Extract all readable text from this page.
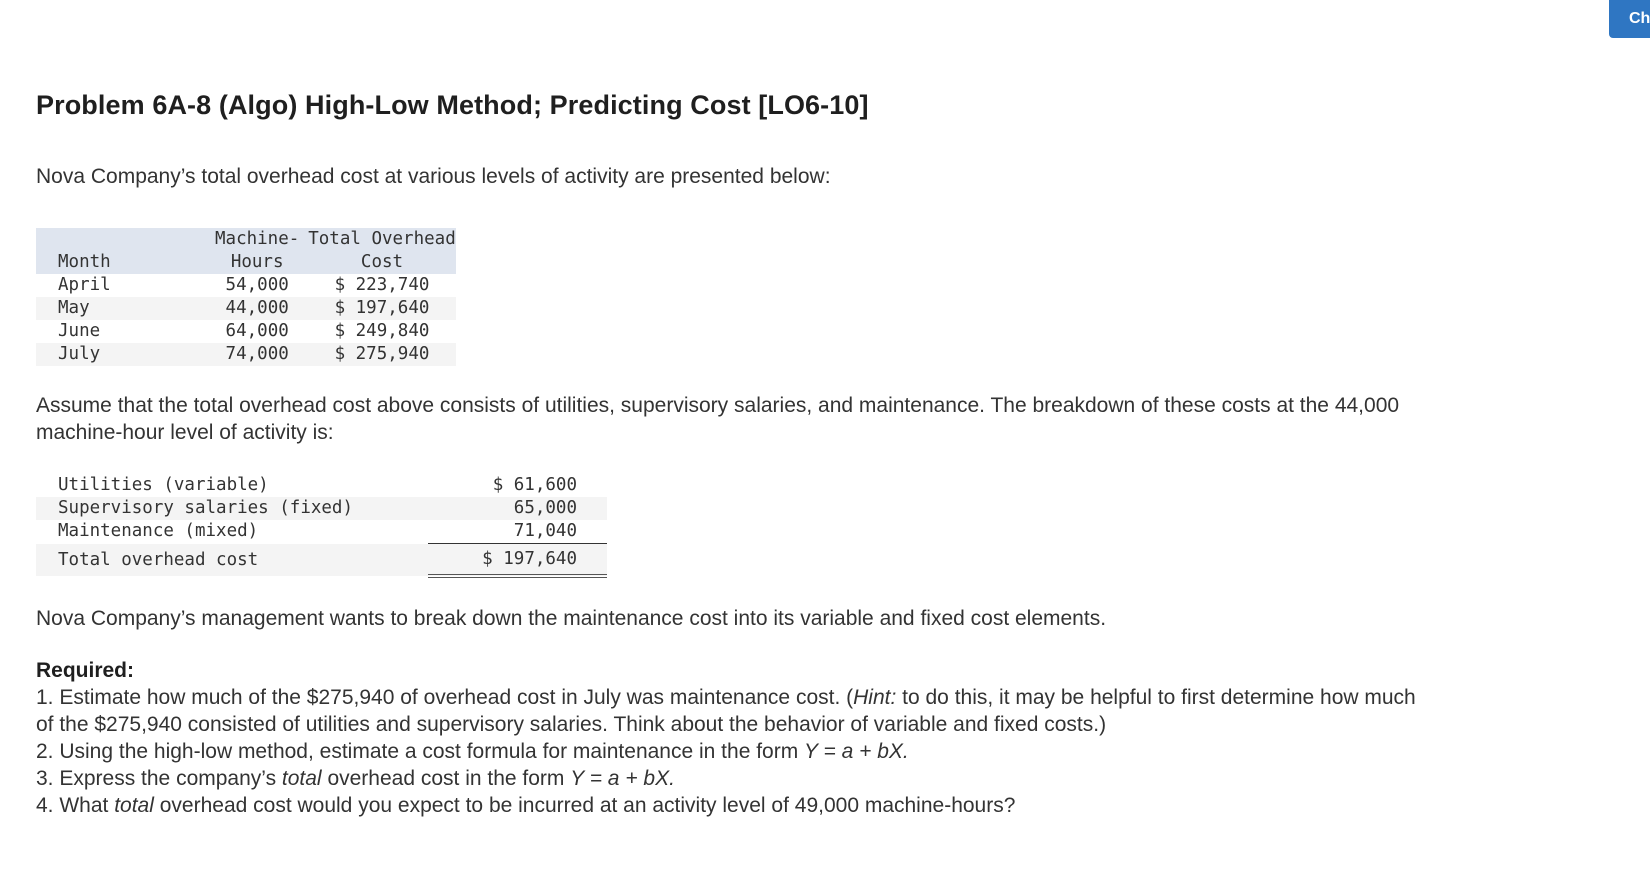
Ch
Problem 6A-8 (Algo) High-Low Method; Predicting Cost [LO6-10]

Nova Company’s total overhead cost at various levels of activity are presented below:

	Machine-	Total Overhead
Month	Hours	Cost
April	54,000	$ 223,740
May	44,000	$ 197,640
June	64,000	$ 249,840
July	74,000	$ 275,940

Assume that the total overhead cost above consists of utilities, supervisory salaries, and maintenance. The breakdown of these costs at the 44,000 machine-hour level of activity is:

Utilities (variable)	$ 61,600
Supervisory salaries (fixed)	65,000
Maintenance (mixed)	71,040
Total overhead cost	$ 197,640

Nova Company’s management wants to break down the maintenance cost into its variable and fixed cost elements.

Required:

1. Estimate how much of the $275,940 of overhead cost in July was maintenance cost. (Hint: to do this, it may be helpful to first determine how much of the $275,940 consisted of utilities and supervisory salaries. Think about the behavior of variable and fixed costs.)

2. Using the high-low method, estimate a cost formula for maintenance in the form Y = a + bX.

3. Express the company’s total overhead cost in the form Y = a + bX.

4. What total overhead cost would you expect to be incurred at an activity level of 49,000 machine-hours?
